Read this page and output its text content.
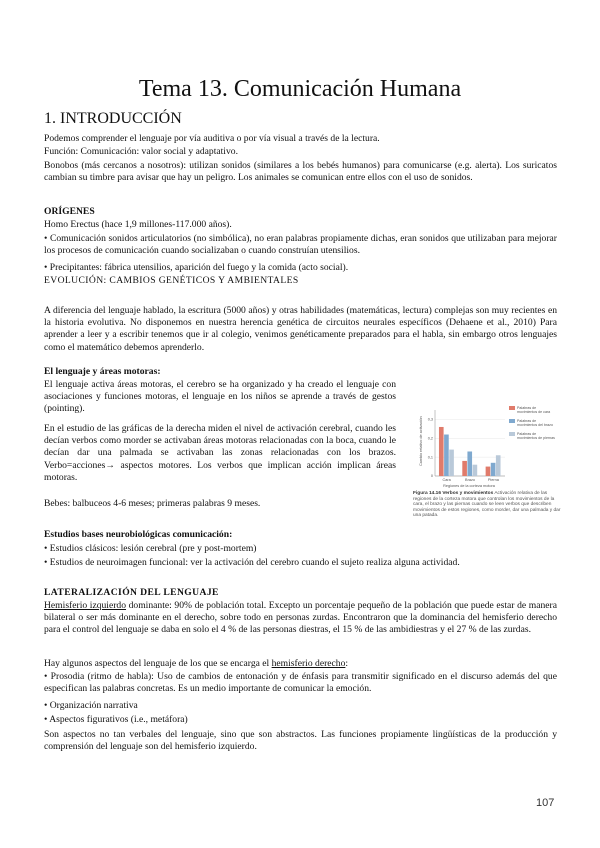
Tema 13. Comunicación Humana
1. INTRODUCCIÓN

Podemos comprender el lenguaje por vía auditiva o por vía visual a través de la lectura.

Función: Comunicación: valor social y adaptativo.

Bonobos (más cercanos a nosotros): utilizan sonidos (similares a los bebés humanos) para comunicarse (e.g. alerta). Los suricatos cambian su timbre para avisar que hay un peligro. Los animales se comunican entre ellos con el uso de sonidos.

ORÍGENES

Homo Erectus (hace 1,9 millones-117.000 años).

• Comunicación sonidos articulatorios (no simbólica), no eran palabras propiamente dichas, eran sonidos que utilizaban para mejorar los procesos de comunicación cuando socializaban o cuando construían utensilios.

• Precipitantes: fábrica utensilios, aparición del fuego y la comida (acto social).

EVOLUCIÓN: CAMBIOS GENÉTICOS Y AMBIENTALES

A diferencia del lenguaje hablado, la escritura (5000 años) y otras habilidades (matemáticas, lectura) complejas son muy recientes en la historia evolutiva. No disponemos en nuestra herencia genética de circuitos neurales específicos (Dehaene et al., 2010) Para aprender a leer y a escribir tenemos que ir al colegio, venimos genéticamente preparados para el habla, sin embargo otros lenguajes como el matemático debemos aprenderlo.

El lenguaje y áreas motoras:

El lenguaje activa áreas motoras, el cerebro se ha organizado y ha creado el lenguaje con asociaciones y funciones motoras, el lenguaje en los niños se aprende a través de gestos (pointing).

En el estudio de las gráficas de la derecha miden el nivel de activación cerebral, cuando les decían verbos como morder se activaban áreas motoras relacionadas con la boca, cuando le decían dar una palmada se activaban las zonas relacionadas con los brazos. Verbo=acciones→ aspectos motores. Los verbos que implican acción implican áreas motoras.

Bebes: balbuceos 4-6 meses; primeras palabras 9 meses.

Estudios bases neurobiológicas comunicación:

• Estudios clásicos: lesión cerebral (pre y post-mortem)

• Estudios de neuroimagen funcional: ver la activación del cerebro cuando el sujeto realiza alguna actividad.

LATERALIZACIÓN DEL LENGUAJE

Hemisferio izquierdo dominante: 90% de población total. Excepto un porcentaje pequeño de la población que puede estar de manera bilateral o ser más dominante en el derecho, sobre todo en personas zurdas. Encontraron que la dominancia del hemisferio derecho para el control del lenguaje se daba en solo el 4 % de las personas diestras, el 15 % de las ambidiestras y el 27 % de las zurdas.

Hay algunos aspectos del lenguaje de los que se encarga el hemisferio derecho:

• Prosodia (ritmo de habla): Uso de cambios de entonación y de énfasis para transmitir significado en el discurso además del que especifican las palabras concretas. Es un medio importante de comunicar la emoción.

• Organización narrativa

• Aspectos figurativos (i.e., metáfora)

Son aspectos no tan verbales del lenguaje, sino que son abstractos. Las funciones propiamente lingüísticas de la producción y comprensión del lenguaje son del hemisferio izquierdo.

Cambio relativo de activación
Regiones de la corteza motora
0
0,1
0,2
0,3
Cara	Brazo	Pierna
Palabras de movimientos de cara
Palabras de movimientos del brazo
Palabras de movimientos de piernas
Figura 14.16 Verbos y movimientos Activación relativa de las regiones de la corteza motora que controlan los movimientos de la cara, el brazo y las piernas cuando se leen verbos que describen movimientos de estos regiones, como morder, dar una palmada y dar una patada.
107
